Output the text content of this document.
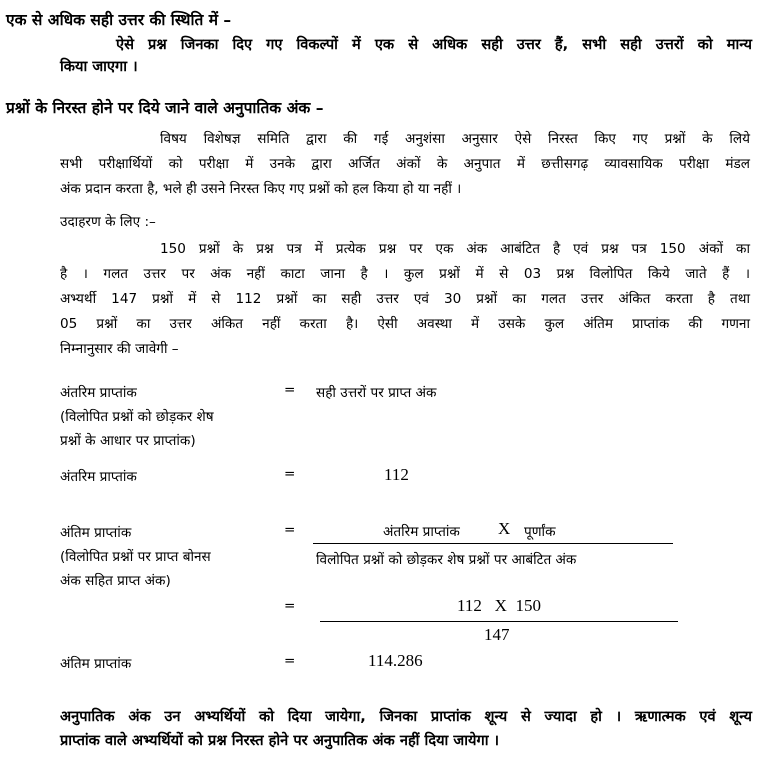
एक से अधिक सही उत्तर की स्थिति में –
ऐसे प्रश्न जिनका दिए गए विकल्पों में एक से अधिक सही उत्तर हैं, सभी सही उत्तरों को मान्य
किया जाएगा ।
प्रश्नों के निरस्त होने पर दिये जाने वाले अनुपातिक अंक –
विषय विशेषज्ञ समिति द्वारा की गई अनुशंसा अनुसार ऐसे निरस्त किए गए प्रश्नों के लिये
सभी परीक्षार्थियों को परीक्षा में उनके द्वारा अर्जित अंकों के अनुपात में छत्तीसगढ़ व्यावसायिक परीक्षा मंडल
अंक प्रदान करता है, भले ही उसने निरस्त किए गए प्रश्नों को हल किया हो या नहीं ।
उदाहरण के लिए :–
150 प्रश्नों के प्रश्न पत्र में प्रत्येक प्रश्न पर एक अंक आबंटित है एवं प्रश्न पत्र 150 अंकों का
है । गलत उत्तर पर अंक नहीं काटा जाना है । कुल प्रश्नों में से 03 प्रश्न विलोपित किये जाते हैं ।
अभ्यर्थी 147 प्रश्नों में से 112 प्रश्नों का सही उत्तर एवं 30 प्रश्नों का गलत उत्तर अंकित करता है तथा
05 प्रश्नों का उत्तर अंकित नहीं करता है। ऐसी अवस्था में उसके कुल अंतिम प्राप्तांक की गणना
निम्नानुसार की जावेगी –
अंतरिम प्राप्तांक
(विलोपित प्रश्नों को छोड़कर शेष
प्रश्नों के आधार पर प्राप्तांक)
= सही उत्तरों पर प्राप्त अंक
अंतरिम प्राप्तांक	=	112
अंतिम प्राप्तांक
(विलोपित प्रश्नों पर प्राप्त बोनस
अंक सहित प्राप्त अंक)
=	अंतरिम प्राप्तांक X पूर्णांक
विलोपित प्रश्नों को छोड़कर शेष प्रश्नों पर आबंटित अंक
=	112   X  150
147
अंतिम प्राप्तांक	=	114.286
अनुपातिक अंक उन अभ्यर्थियों को दिया जायेगा, जिनका प्राप्तांक शून्य से ज्यादा हो । ऋणात्मक एवं शून्य
प्राप्तांक वाले अभ्यर्थियों को प्रश्न निरस्त होने पर अनुपातिक अंक नहीं दिया जायेगा ।
